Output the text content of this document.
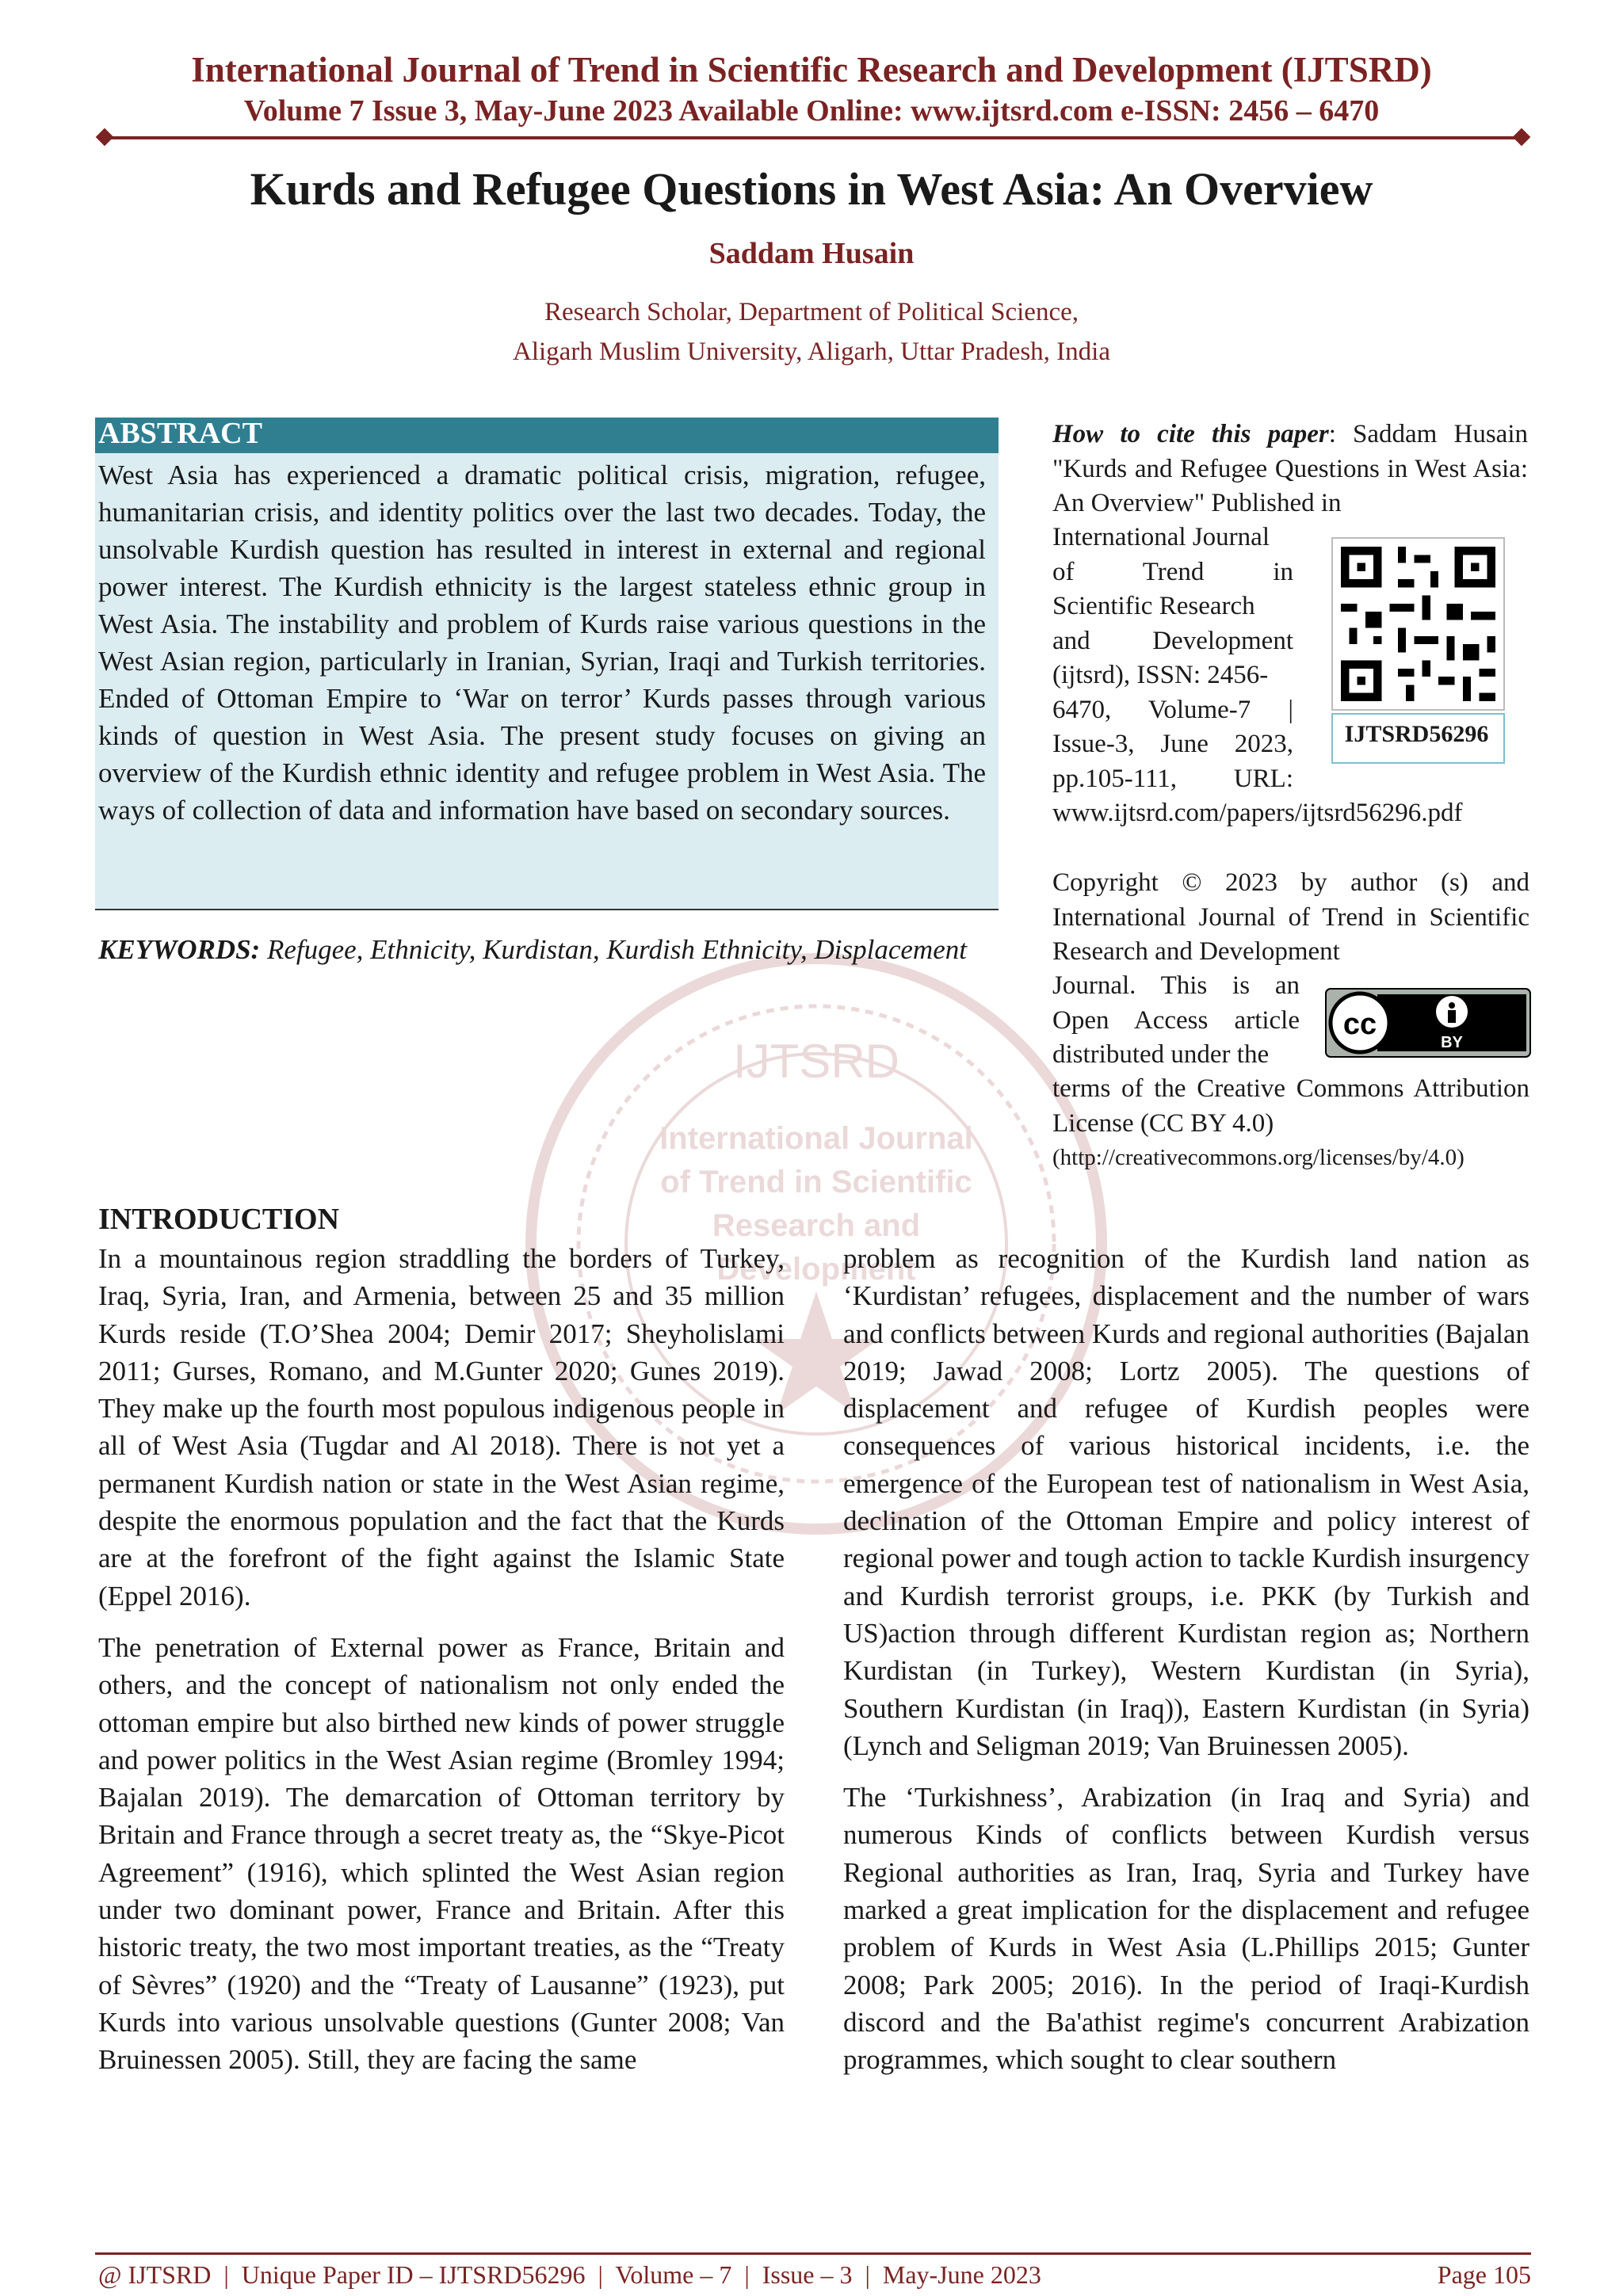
International Journal of Trend in Scientific Research and Development (IJTSRD)
Volume 7 Issue 3, May-June 2023 Available Online: www.ijtsrd.com e-ISSN: 2456 – 6470
Kurds and Refugee Questions in West Asia: An Overview
Saddam Husain
Research Scholar, Department of Political Science,
Aligarh Muslim University, Aligarh, Uttar Pradesh, India
IJTSRD
International Journal
of Trend in Scientific
Research and
Development
ABSTRACT
West Asia has experienced a dramatic political crisis, migration, refugee, humanitarian crisis, and identity politics over the last two decades. Today, the unsolvable Kurdish question has resulted in interest in external and regional power interest. The Kurdish ethnicity is the largest stateless ethnic group in West Asia. The instability and problem of Kurds raise various questions in the West Asian region, particularly in Iranian, Syrian, Iraqi and Turkish territories. Ended of Ottoman Empire to ‘War on terror’ Kurds passes through various kinds of question in West Asia. The present study focuses on giving an overview of the Kurdish ethnic identity and refugee problem in West Asia. The ways of collection of data and information have based on secondary sources.
KEYWORDS: Refugee, Ethnicity, Kurdistan, Kurdish Ethnicity, Displacement
How to cite this paper: Saddam Husain "Kurds and Refugee Questions in West Asia: An Overview" Published in
International Journal
of Trend in
Scientific Research
and Development
(ijtsrd), ISSN: 2456-
6470, Volume-7 |
Issue-3, June 2023,
pp.105-111, URL:
www.ijtsrd.com/papers/ijtsrd56296.pdf
IJTSRD56296
Copyright © 2023 by author (s) and International Journal of Trend in Scientific Research and Development
Journal. This is an
Open Access article
distributed under the
cc
BY
terms of the Creative Commons Attribution License (CC BY 4.0)
(http://creativecommons.org/licenses/by/4.0)
INTRODUCTION

In a mountainous region straddling the borders of Turkey, Iraq, Syria, Iran, and Armenia, between 25 and 35 million Kurds reside (T.O’Shea 2004; Demir 2017; Sheyholislami 2011; Gurses, Romano, and M.Gunter 2020; Gunes 2019). They make up the fourth most populous indigenous people in all of West Asia (Tugdar and Al 2018). There is not yet a permanent Kurdish nation or state in the West Asian regime, despite the enormous population and the fact that the Kurds are at the forefront of the fight against the Islamic State (Eppel 2016).

The penetration of External power as France, Britain and others, and the concept of nationalism not only ended the ottoman empire but also birthed new kinds of power struggle and power politics in the West Asian regime (Bromley 1994; Bajalan 2019). The demarcation of Ottoman territory by Britain and France through a secret treaty as, the “Skye-Picot Agreement” (1916), which splinted the West Asian region under two dominant power, France and Britain. After this historic treaty, the two most important treaties, as the “Treaty of Sèvres” (1920) and the “Treaty of Lausanne” (1923), put Kurds into various unsolvable questions (Gunter 2008; Van Bruinessen 2005). Still, they are facing the same

problem as recognition of the Kurdish land nation as ‘Kurdistan’ refugees, displacement and the number of wars and conflicts between Kurds and regional authorities (Bajalan 2019; Jawad 2008; Lortz 2005). The questions of displacement and refugee of Kurdish peoples were consequences of various historical incidents, i.e. the emergence of the European test of nationalism in West Asia, declination of the Ottoman Empire and policy interest of regional power and tough action to tackle Kurdish insurgency and Kurdish terrorist groups, i.e. PKK (by Turkish and US)action through different Kurdistan region as; Northern Kurdistan (in Turkey), Western Kurdistan (in Syria), Southern Kurdistan (in Iraq)), Eastern Kurdistan (in Syria) (Lynch and Seligman 2019; Van Bruinessen 2005).

The ‘Turkishness’, Arabization (in Iraq and Syria) and numerous Kinds of conflicts between Kurdish versus Regional authorities as Iran, Iraq, Syria and Turkey have marked a great implication for the displacement and refugee problem of Kurds in West Asia (L.Phillips 2015; Gunter 2008; Park 2005; 2016). In the period of Iraqi-Kurdish discord and the Ba'athist regime's concurrent Arabization programmes, which sought to clear southern

@ IJTSRD  |  Unique Paper ID – IJTSRD56296  |  Volume – 7  |  Issue – 3  |  May-June 2023	Page 105
